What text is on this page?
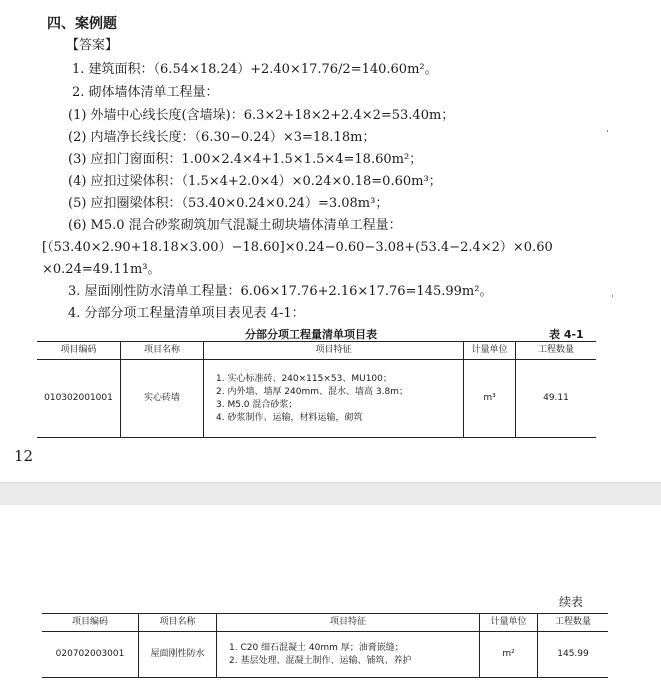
四、案例题
【答案】
1. 建筑面积：（6.54×18.24）+2.40×17.76/2=140.60m²。
2. 砌体墙体清单工程量：
(1) 外墙中心线长度(含墙垛)：6.3×2+18×2+2.4×2=53.40m；
(2) 内墙净长线长度：（6.30−0.24）×3=18.18m；
(3) 应扣门窗面积：1.00×2.4×4+1.5×1.5×4=18.60m²；
(4) 应扣过梁体积：（1.5×4+2.0×4）×0.24×0.18=0.60m³；
(5) 应扣圈梁体积：（53.40×0.24×0.24）=3.08m³；
(6) M5.0 混合砂浆砌筑加气混凝土砌块墙体清单工程量：
[（53.40×2.90+18.18×3.00）−18.60]×0.24−0.60−3.08+(53.4−2.4×2）×0.60
×0.24=49.11m³。
3. 屋面刚性防水清单工程量：6.06×17.76+2.16×17.76=145.99m²。
4. 分部分项工程量清单项目表见表 4-1：
分部分项工程量清单项目表	表 4-1
项目编码	项目名称	项目特征	计量单位	工程数量
010302001001	实心砖墙	1. 实心标准砖、240×115×53、MU100；
2. 内外墙、墙厚 240mm、混水、墙高 3.8m；
3. M5.0 混合砂浆；
4. 砂浆制作、运输，材料运输，砌筑	m³	49.11
12
续表
项目编码	项目名称	项目特征	计量单位	工程数量
020702003001	屋面刚性防水	1. C20 细石混凝土 40mm 厚；油膏嵌缝；
2. 基层处理、混凝土制作、运输、铺筑、养护	m²	145.99
